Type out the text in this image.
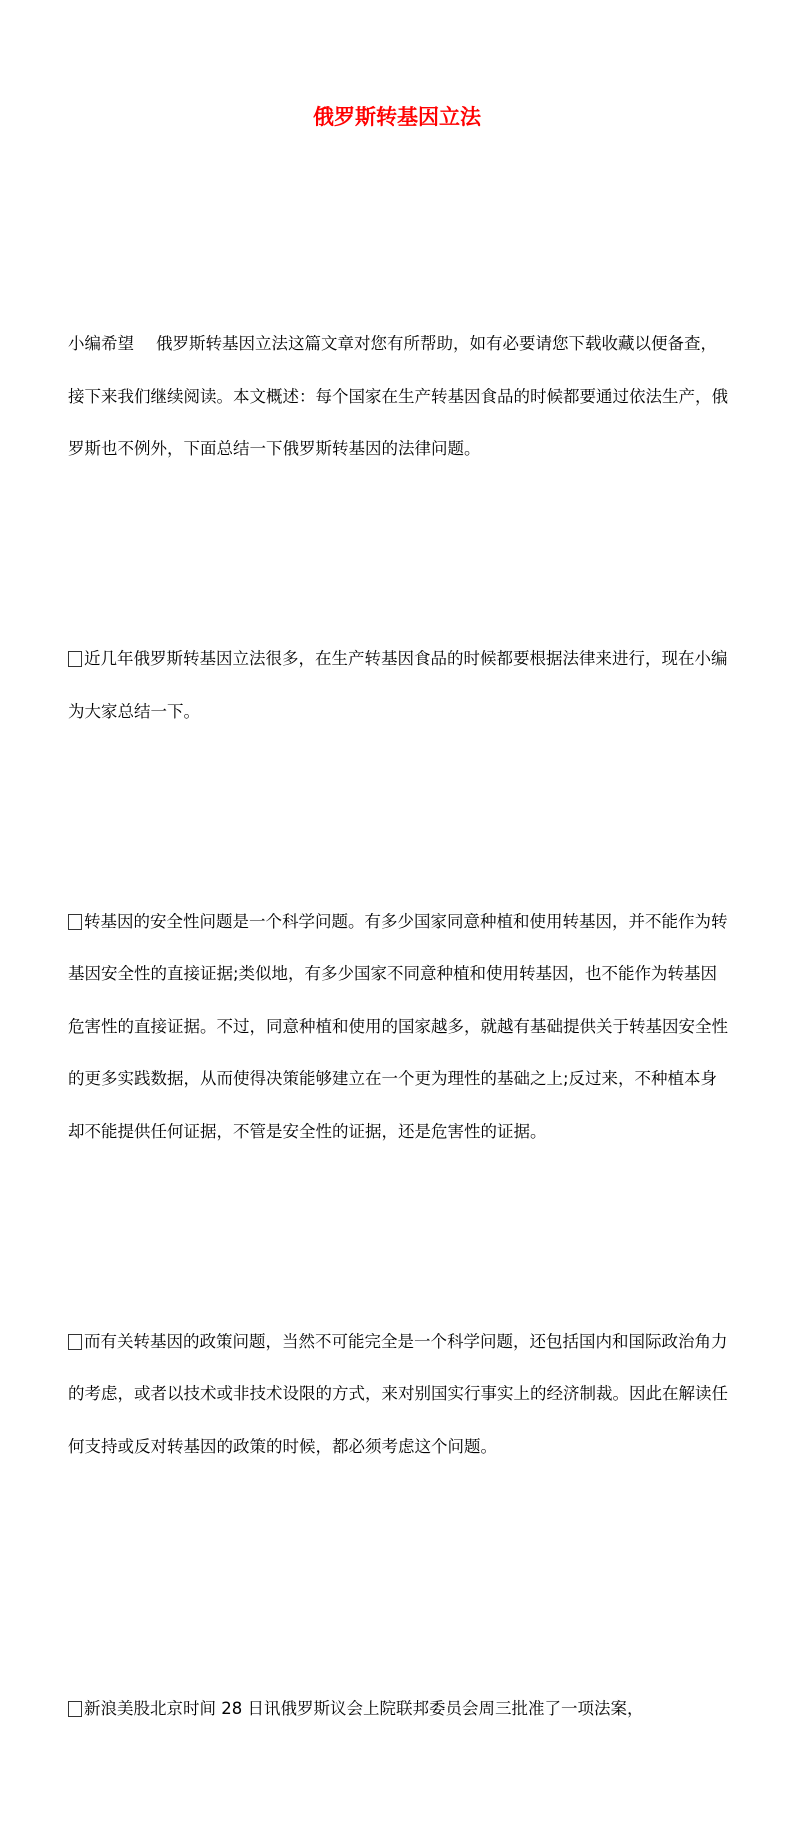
俄罗斯转基因立法

小编希望 俄罗斯转基因立法这篇文章对您有所帮助，如有必要请您下载收藏以便备查，接下来我们继续阅读。本文概述：每个国家在生产转基因食品的时候都要通过依法生产，俄罗斯也不例外，下面总结一下俄罗斯转基因的法律问题。

近几年俄罗斯转基因立法很多，在生产转基因食品的时候都要根据法律来进行，现在小编为大家总结一下。

转基因的安全性问题是一个科学问题。有多少国家同意种植和使用转基因，并不能作为转基因安全性的直接证据;类似地，有多少国家不同意种植和使用转基因，也不能作为转基因危害性的直接证据。不过，同意种植和使用的国家越多，就越有基础提供关于转基因安全性的更多实践数据，从而使得决策能够建立在一个更为理性的基础之上;反过来，不种植本身却不能提供任何证据，不管是安全性的证据，还是危害性的证据。

而有关转基因的政策问题，当然不可能完全是一个科学问题，还包括国内和国际政治角力的考虑，或者以技术或非技术设限的方式，来对别国实行事实上的经济制裁。因此在解读任何支持或反对转基因的政策的时候，都必须考虑这个问题。

新浪美股北京时间 28 日讯俄罗斯议会上院联邦委员会周三批准了一项法案，
